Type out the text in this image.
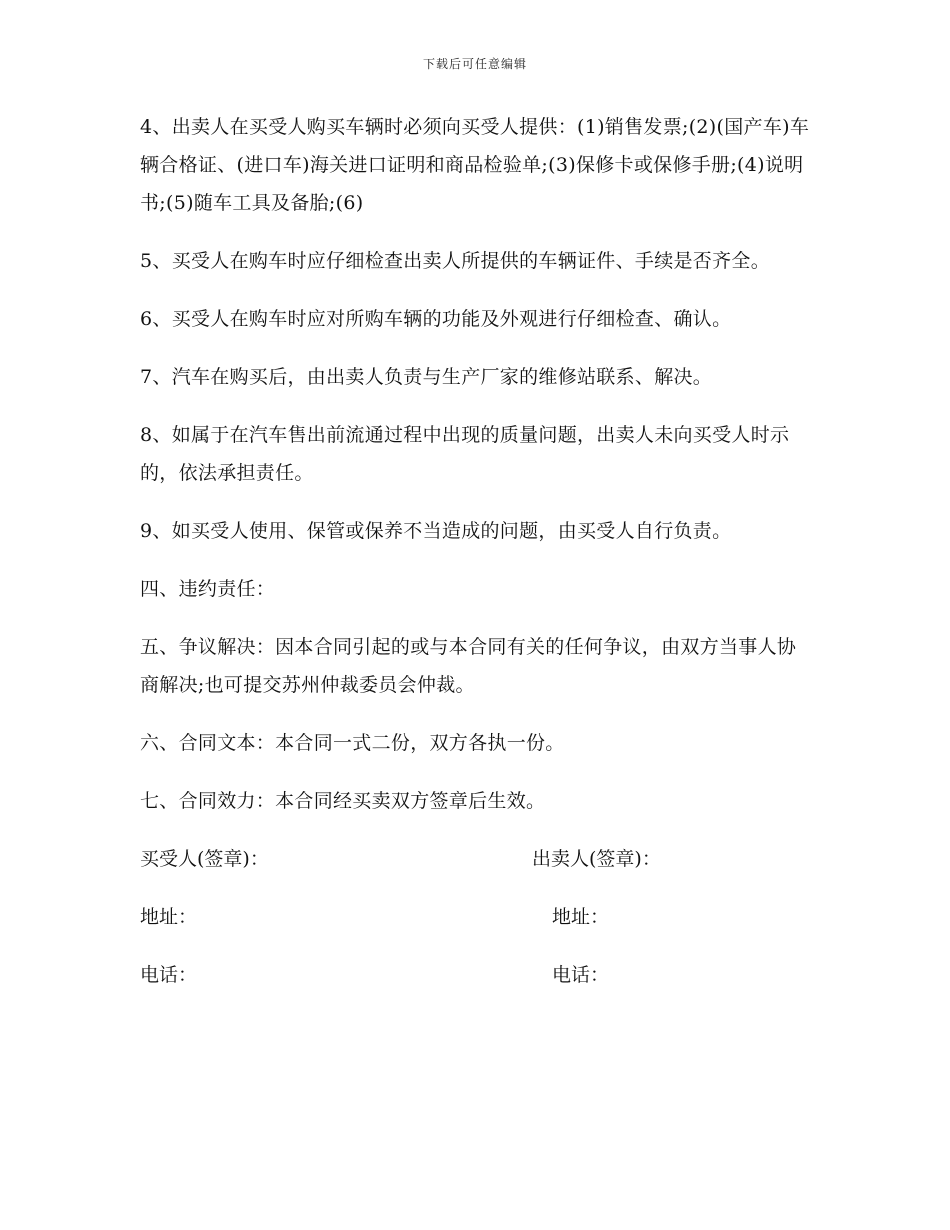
下载后可任意编辑

4、出卖人在买受人购买车辆时必须向买受人提供：(1)销售发票;(2)(国产车)车辆合格证、(进口车)海关进口证明和商品检验单;(3)保修卡或保修手册;(4)说明书;(5)随车工具及备胎;(6)

5、买受人在购车时应仔细检查出卖人所提供的车辆证件、手续是否齐全。

6、买受人在购车时应对所购车辆的功能及外观进行仔细检查、确认。

7、汽车在购买后，由出卖人负责与生产厂家的维修站联系、解决。

8、如属于在汽车售出前流通过程中出现的质量问题，出卖人未向买受人时示的，依法承担责任。

9、如买受人使用、保管或保养不当造成的问题，由买受人自行负责。

四、违约责任：

五、争议解决：因本合同引起的或与本合同有关的任何争议，由双方当事人协商解决;也可提交苏州仲裁委员会仲裁。

六、合同文本：本合同一式二份，双方各执一份。

七、合同效力：本合同经买卖双方签章后生效。

买受人(签章)：	出卖人(签章)：
地址：	地址：
电话：	电话：
